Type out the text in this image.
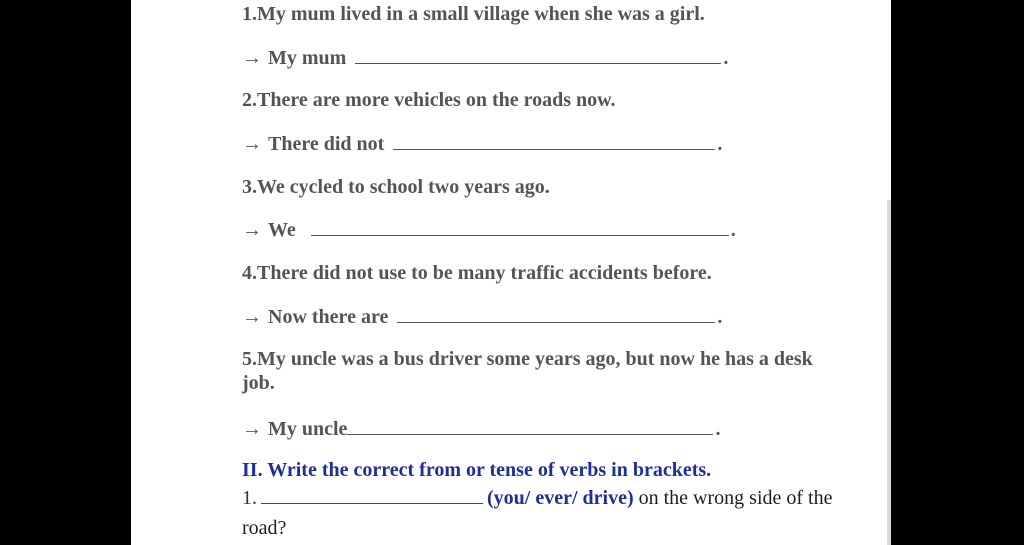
1.My mum lived in a small village when she was a girl.
→ My mum	.
2.There are more vehicles on the roads now.
→ There did not	.
3.We cycled to school two years ago.
→ We	.
4.There did not use to be many traffic accidents before.
→ Now there are	.
5.My uncle was a bus driver some years ago, but now he has a desk job.
→ My uncle	.
II. Write the correct from or tense of verbs in brackets.
1.	(you/ ever/ drive) on the wrong side of the road?
